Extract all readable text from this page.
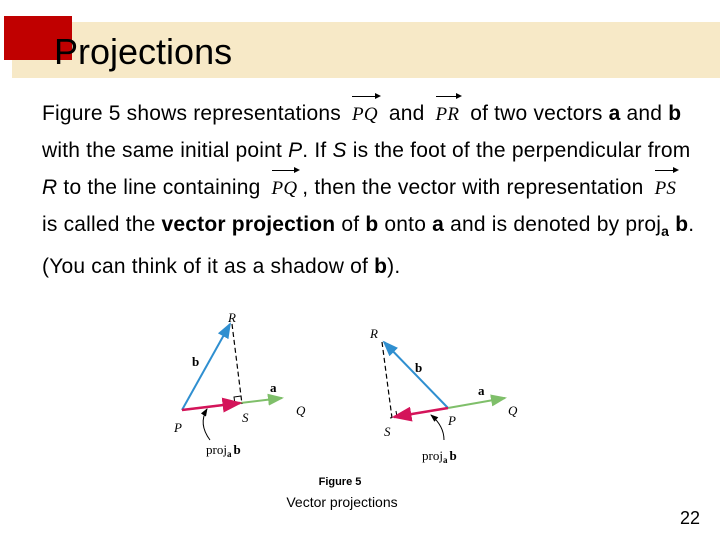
Projections
Figure 5 shows representations PQ and PR of two vectors a and b with the same initial point P. If S is the foot of the perpendicular from R to the line containing PQ , then the vector with representation PS is called the vector projection of b onto a and is denoted by proj$_a$ b. (You can think of it as a shadow of b).
R
b
a
S	Q
P
proj$_a$ b
R
b
a
P
Q
S
proj$_a$ b
Figure 5
Vector projections
22
